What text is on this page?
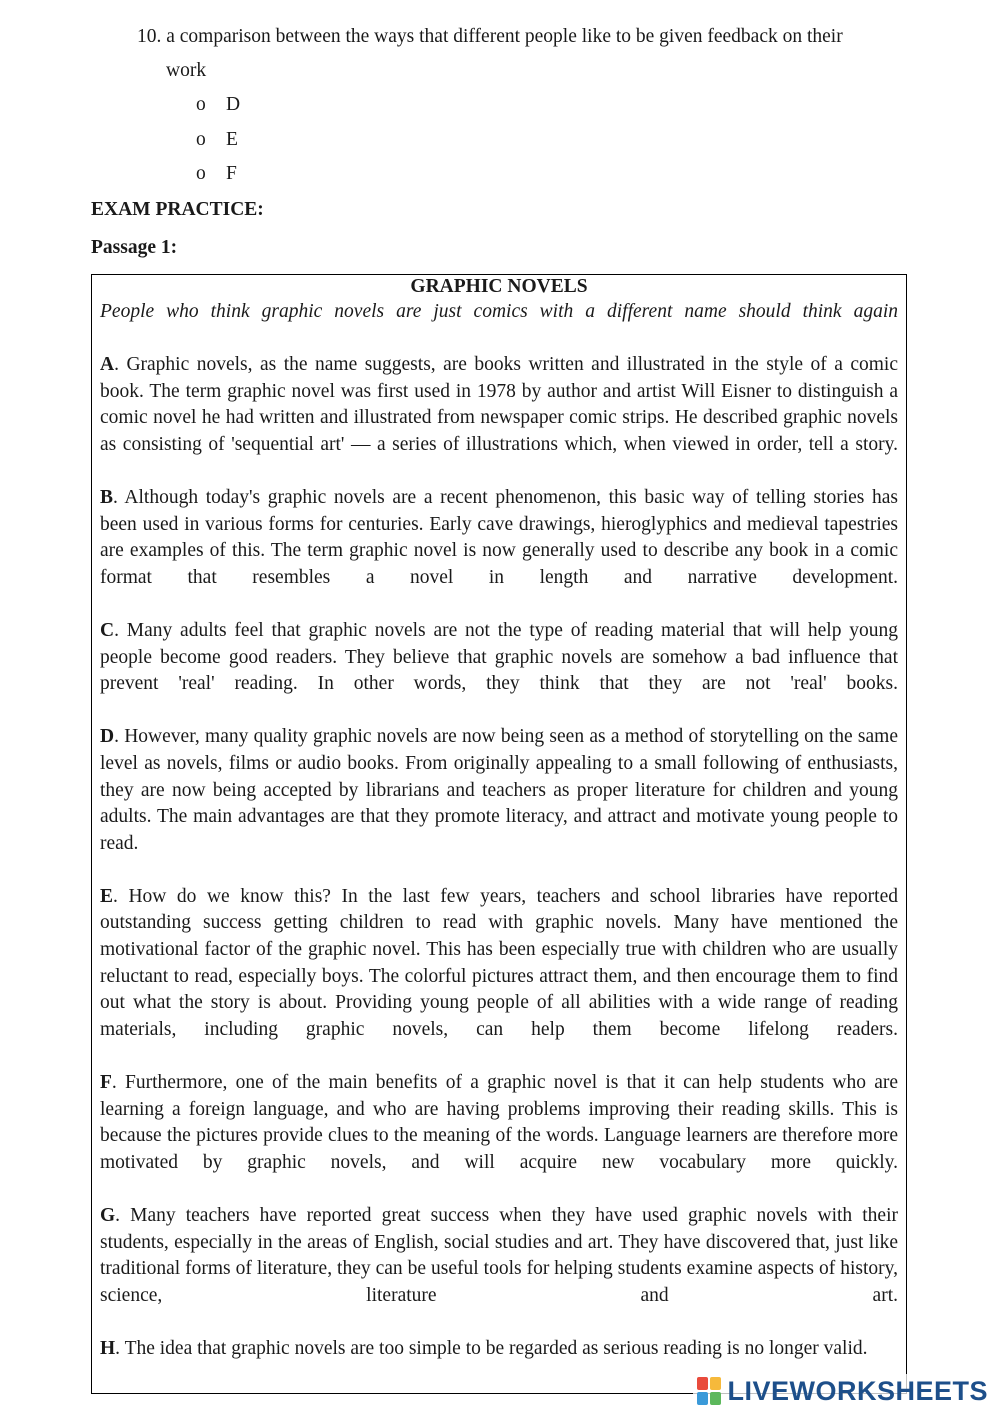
10. a comparison between the ways that different people like to be given feedback on their
work
o D
o E
o F
EXAM PRACTICE:
Passage 1:
GRAPHIC NOVELS
People who think graphic novels are just comics with a different name should think again

A. Graphic novels, as the name suggests, are books written and illustrated in the style of a comic book. The term graphic novel was first used in 1978 by author and artist Will Eisner to distinguish a comic novel he had written and illustrated from newspaper comic strips. He described graphic novels as consisting of 'sequential art' — a series of illustrations which, when viewed in order, tell a story.

B. Although today's graphic novels are a recent phenomenon, this basic way of telling stories has been used in various forms for centuries. Early cave drawings, hieroglyphics and medieval tapestries are examples of this. The term graphic novel is now generally used to describe any book in a comic format that resembles a novel in length and narrative development.

C. Many adults feel that graphic novels are not the type of reading material that will help young people become good readers. They believe that graphic novels are somehow a bad influence that prevent 'real' reading. In other words, they think that they are not 'real' books.

D. However, many quality graphic novels are now being seen as a method of storytelling on the same level as novels, films or audio books. From originally appealing to a small following of enthusiasts, they are now being accepted by librarians and teachers as proper literature for children and young adults. The main advantages are that they promote literacy, and attract and motivate young people to read.

E. How do we know this? In the last few years, teachers and school libraries have reported outstanding success getting children to read with graphic novels. Many have mentioned the motivational factor of the graphic novel. This has been especially true with children who are usually reluctant to read, especially boys. The colorful pictures attract them, and then encourage them to find out what the story is about. Providing young people of all abilities with a wide range of reading materials, including graphic novels, can help them become lifelong readers.

F. Furthermore, one of the main benefits of a graphic novel is that it can help students who are learning a foreign language, and who are having problems improving their reading skills. This is because the pictures provide clues to the meaning of the words. Language learners are therefore more motivated by graphic novels, and will acquire new vocabulary more quickly.

G. Many teachers have reported great success when they have used graphic novels with their students, especially in the areas of English, social studies and art. They have discovered that, just like traditional forms of literature, they can be useful tools for helping students examine aspects of history, science, literature and art.

H. The idea that graphic novels are too simple to be regarded as serious reading is no longer valid.

LIVEWORKSHEETS
